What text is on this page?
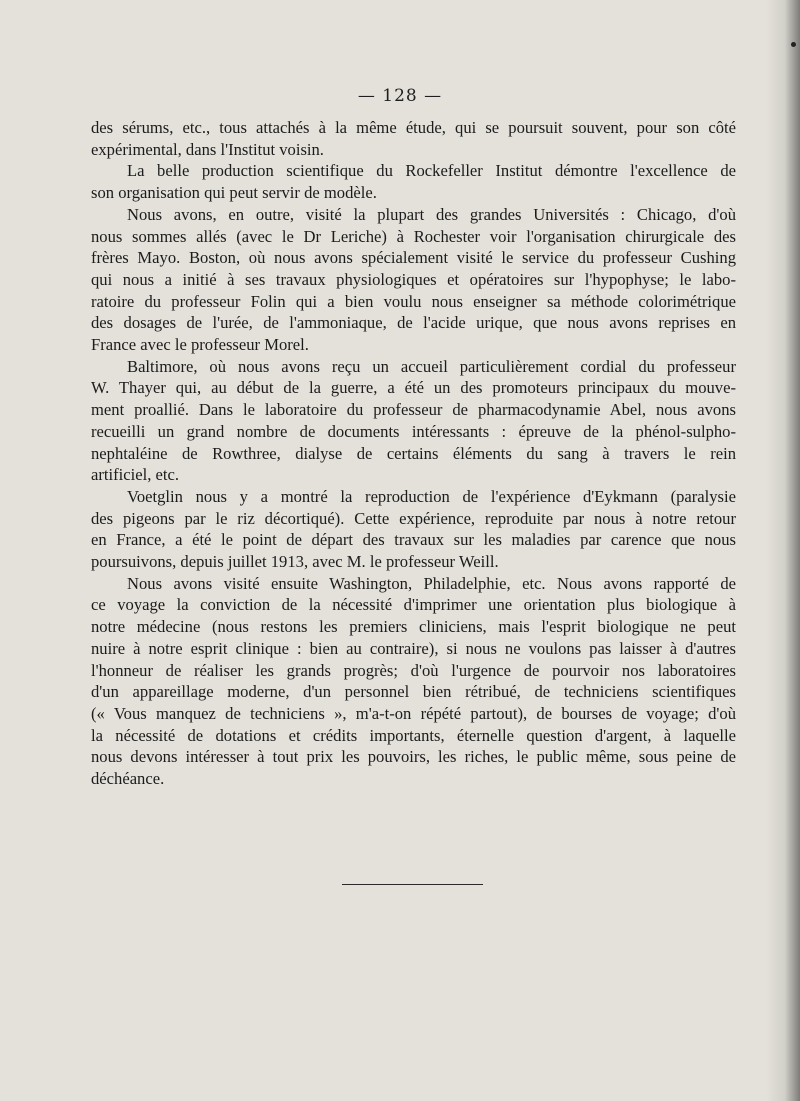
— 128 —
des sérums, etc., tous attachés à la même étude, qui se poursuit souvent, pour son côté
expérimental, dans l'Institut voisin.
La belle production scientifique du Rockefeller Institut démontre l'excellence de
son organisation qui peut servir de modèle.
Nous avons, en outre, visité la plupart des grandes Universités : Chicago, d'où
nous sommes allés (avec le Dr Leriche) à Rochester voir l'organisation chirurgicale des
frères Mayo. Boston, où nous avons spécialement visité le service du professeur Cushing
qui nous a initié à ses travaux physiologiques et opératoires sur l'hypophyse; le labo-
ratoire du professeur Folin qui a bien voulu nous enseigner sa méthode colorimétrique
des dosages de l'urée, de l'ammoniaque, de l'acide urique, que nous avons reprises en
France avec le professeur Morel.
Baltimore, où nous avons reçu un accueil particulièrement cordial du professeur
W. Thayer qui, au début de la guerre, a été un des promoteurs principaux du mouve-
ment proallié. Dans le laboratoire du professeur de pharmacodynamie Abel, nous avons
recueilli un grand nombre de documents intéressants : épreuve de la phénol-sulpho-
nephtaléine de Rowthree, dialyse de certains éléments du sang à travers le rein
artificiel, etc.
Voetglin nous y a montré la reproduction de l'expérience d'Eykmann (paralysie
des pigeons par le riz décortiqué). Cette expérience, reproduite par nous à notre retour
en France, a été le point de départ des travaux sur les maladies par carence que nous
poursuivons, depuis juillet 1913, avec M. le professeur Weill.
Nous avons visité ensuite Washington, Philadelphie, etc. Nous avons rapporté de
ce voyage la conviction de la nécessité d'imprimer une orientation plus biologique à
notre médecine (nous restons les premiers cliniciens, mais l'esprit biologique ne peut
nuire à notre esprit clinique : bien au contraire), si nous ne voulons pas laisser à d'autres
l'honneur de réaliser les grands progrès; d'où l'urgence de pourvoir nos laboratoires
d'un appareillage moderne, d'un personnel bien rétribué, de techniciens scientifiques
(« Vous manquez de techniciens », m'a-t-on répété partout), de bourses de voyage; d'où
la nécessité de dotations et crédits importants, éternelle question d'argent, à laquelle
nous devons intéresser à tout prix les pouvoirs, les riches, le public même, sous peine de
déchéance.
